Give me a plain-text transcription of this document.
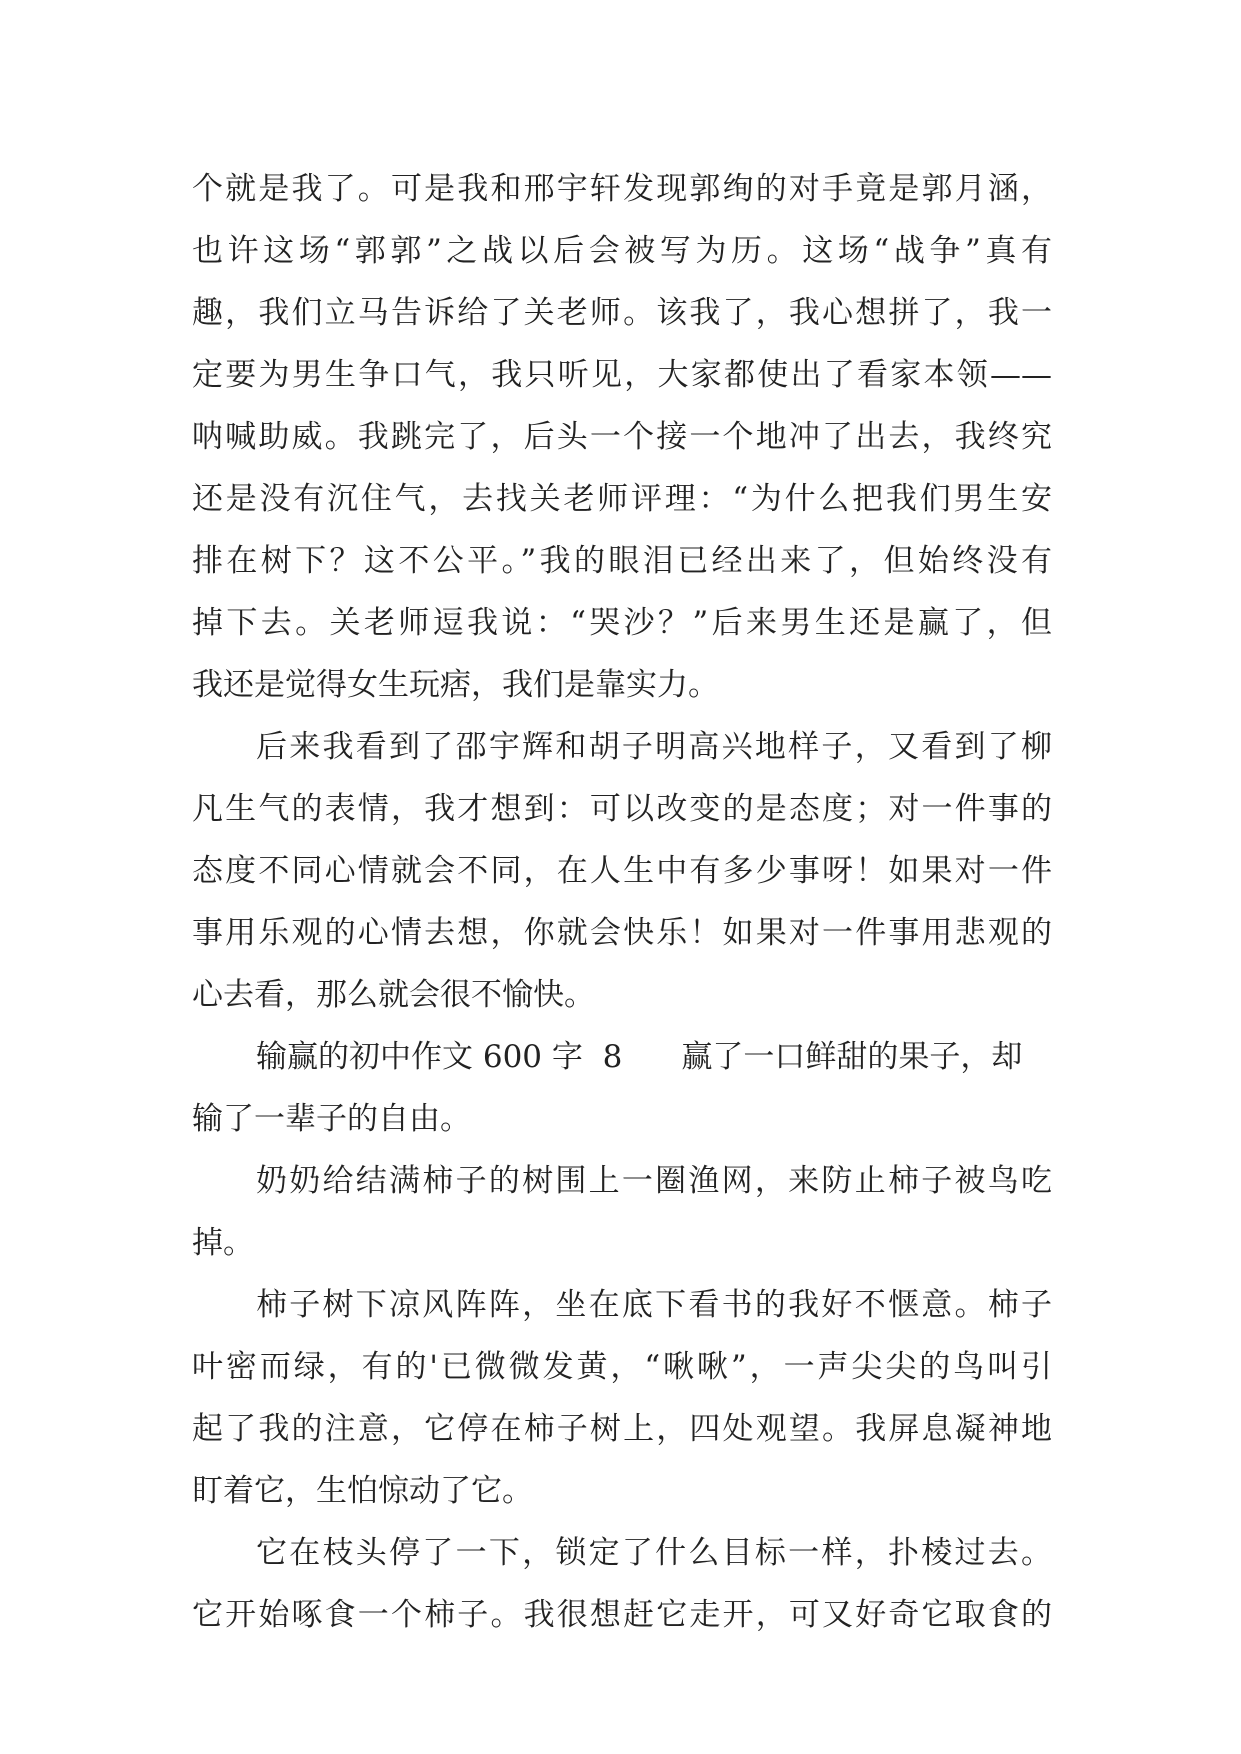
个就是我了。可是我和邢宇轩发现郭绚的对手竟是郭月涵，
也许这场“郭郭”之战以后会被写为历。这场“战争”真有
趣，我们立马告诉给了关老师。该我了，我心想拼了，我一
定要为男生争口气，我只听见，大家都使出了看家本领——
呐喊助威。我跳完了，后头一个接一个地冲了出去，我终究
还是没有沉住气，去找关老师评理：“为什么把我们男生安
排在树下？这不公平。”我的眼泪已经出来了，但始终没有
掉下去。关老师逗我说：“哭沙？”后来男生还是赢了，但
我还是觉得女生玩痞，我们是靠实力。
后来我看到了邵宇辉和胡子明高兴地样子，又看到了柳
凡生气的表情，我才想到：可以改变的是态度；对一件事的
态度不同心情就会不同，在人生中有多少事呀！如果对一件
事用乐观的心情去想，你就会快乐！如果对一件事用悲观的
心去看，那么就会很不愉快。
输赢的初中作文 600 字  8      赢了一口鲜甜的果子，却
输了一辈子的自由。
奶奶给结满柿子的树围上一圈渔网，来防止柿子被鸟吃
掉。
柿子树下凉风阵阵，坐在底下看书的我好不惬意。柿子
叶密而绿，有的'已微微发黄，“啾啾”，一声尖尖的鸟叫引
起了我的注意，它停在柿子树上，四处观望。我屏息凝神地
盯着它，生怕惊动了它。
它在枝头停了一下，锁定了什么目标一样，扑棱过去。
它开始啄食一个柿子。我很想赶它走开，可又好奇它取食的
